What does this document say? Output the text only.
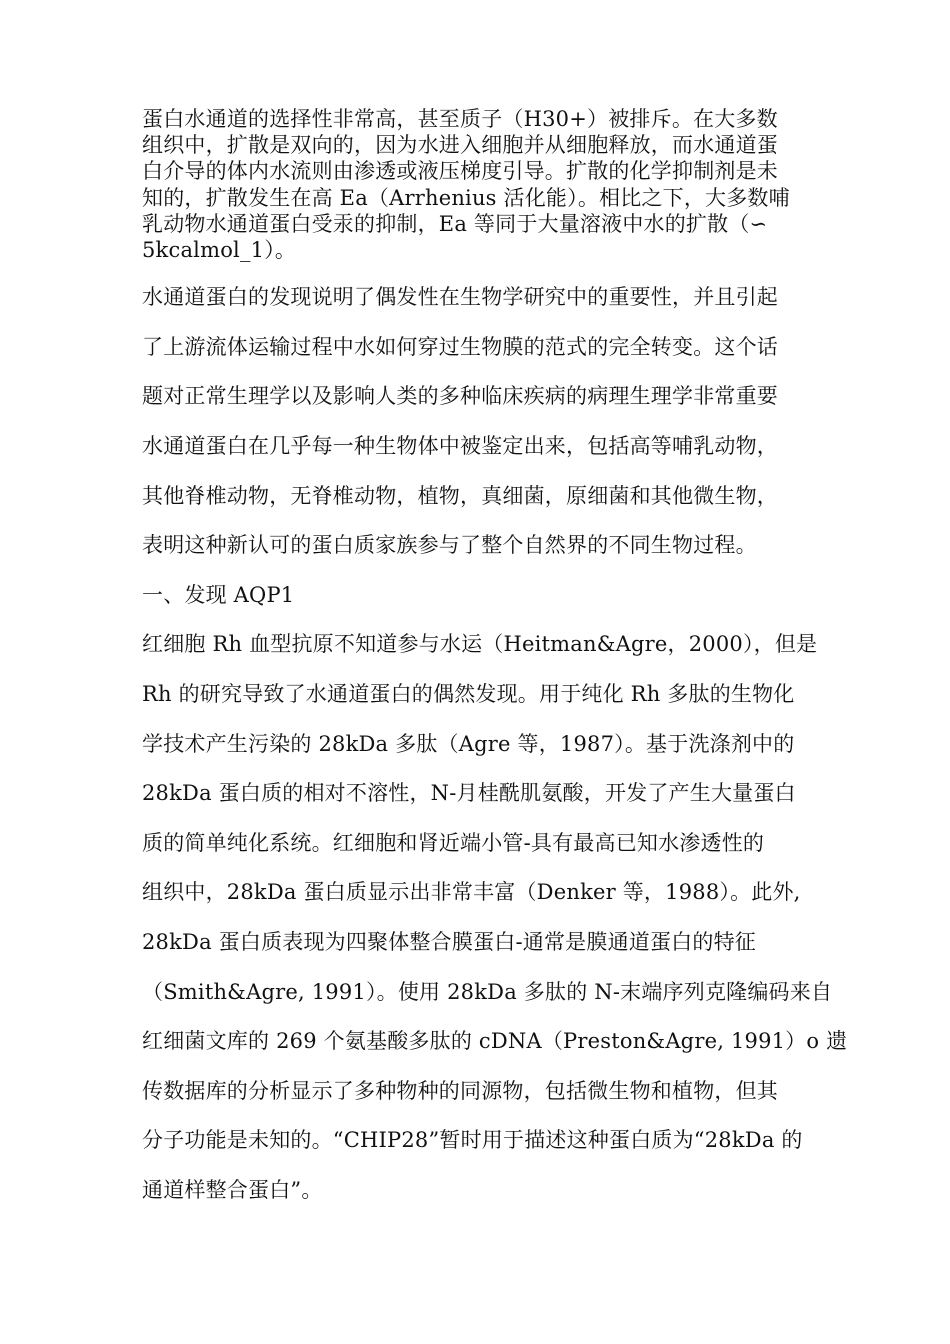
蛋白水通道的选择性非常高，甚至质子（H30+）被排斥。在大多数
组织中，扩散是双向的，因为水进入细胞并从细胞释放，而水通道蛋
白介导的体内水流则由渗透或液压梯度引导。扩散的化学抑制剂是未
知的，扩散发生在高 Ea（Arrhenius 活化能）。相比之下，大多数哺
乳动物水通道蛋白受汞的抑制，Ea 等同于大量溶液中水的扩散（∽
5kcalmol_1）。
水通道蛋白的发现说明了偶发性在生物学研究中的重要性，并且引起
了上游流体运输过程中水如何穿过生物膜的范式的完全转变。这个话
题对正常生理学以及影响人类的多种临床疾病的病理生理学非常重要
水通道蛋白在几乎每一种生物体中被鉴定出来，包括高等哺乳动物，
其他脊椎动物，无脊椎动物，植物，真细菌，原细菌和其他微生物，
表明这种新认可的蛋白质家族参与了整个自然界的不同生物过程。
一、发现 AQP1
红细胞 Rh 血型抗原不知道参与水运（Heitman&Agre，2000），但是
Rh 的研究导致了水通道蛋白的偶然发现。用于纯化 Rh 多肽的生物化
学技术产生污染的 28kDa 多肽（Agre 等，1987）。基于洗涤剂中的
28kDa 蛋白质的相对不溶性，N-月桂酰肌氨酸，开发了产生大量蛋白
质的简单纯化系统。红细胞和肾近端小管-具有最高已知水渗透性的
组织中，28kDa 蛋白质显示出非常丰富（Denker 等，1988）。此外,
28kDa 蛋白质表现为四聚体整合膜蛋白-通常是膜通道蛋白的特征
（Smith&Agre, 1991）。使用 28kDa 多肽的 N-末端序列克隆编码来自
红细菌文库的 269 个氨基酸多肽的 cDNA（Preston&Agre, 1991）o 遗
传数据库的分析显示了多种物种的同源物，包括微生物和植物，但其
分子功能是未知的。“CHIP28”暂时用于描述这种蛋白质为“28kDa 的
通道样整合蛋白”。
